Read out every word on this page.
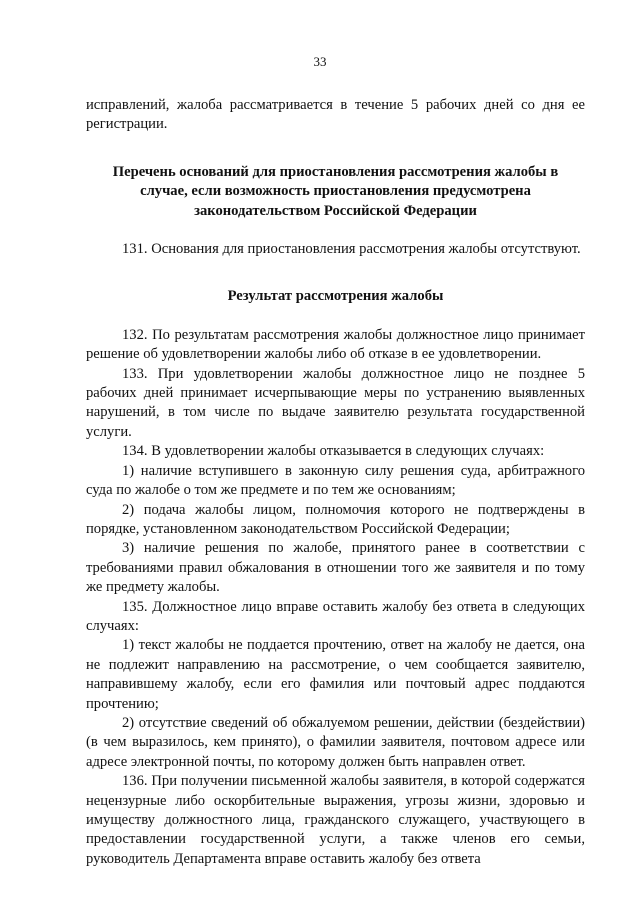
33

исправлений, жалоба рассматривается в течение 5 рабочих дней со дня ее регистрации.

Перечень оснований для приостановления рассмотрения жалобы в случае, если возможность приостановления предусмотрена законодательством Российской Федерации

131. Основания для приостановления рассмотрения жалобы отсутствуют.

Результат рассмотрения жалобы

132. По результатам рассмотрения жалобы должностное лицо принимает решение об удовлетворении жалобы либо об отказе в ее удовлетворении.

133. При удовлетворении жалобы должностное лицо не позднее 5 рабочих дней принимает исчерпывающие меры по устранению выявленных нарушений, в том числе по выдаче заявителю результата государственной услуги.

134. В удовлетворении жалобы отказывается в следующих случаях:

1) наличие вступившего в законную силу решения суда, арбитражного суда по жалобе о том же предмете и по тем же основаниям;

2) подача жалобы лицом, полномочия которого не подтверждены в порядке, установленном законодательством Российской Федерации;

3) наличие решения по жалобе, принятого ранее в соответствии с требованиями правил обжалования в отношении того же заявителя и по тому же предмету жалобы.

135. Должностное лицо вправе оставить жалобу без ответа в следующих случаях:

1) текст жалобы не поддается прочтению, ответ на жалобу не дается, она не подлежит направлению на рассмотрение, о чем сообщается заявителю, направившему жалобу, если его фамилия или почтовый адрес поддаются прочтению;

2) отсутствие сведений об обжалуемом решении, действии (бездействии) (в чем выразилось, кем принято), о фамилии заявителя, почтовом адресе или адресе электронной почты, по которому должен быть направлен ответ.

136. При получении письменной жалобы заявителя, в которой содержатся нецензурные либо оскорбительные выражения, угрозы жизни, здоровью и имуществу должностного лица, гражданского служащего, участвующего в предоставлении государственной услуги, а также членов его семьи, руководитель Департамента вправе оставить жалобу без ответа
